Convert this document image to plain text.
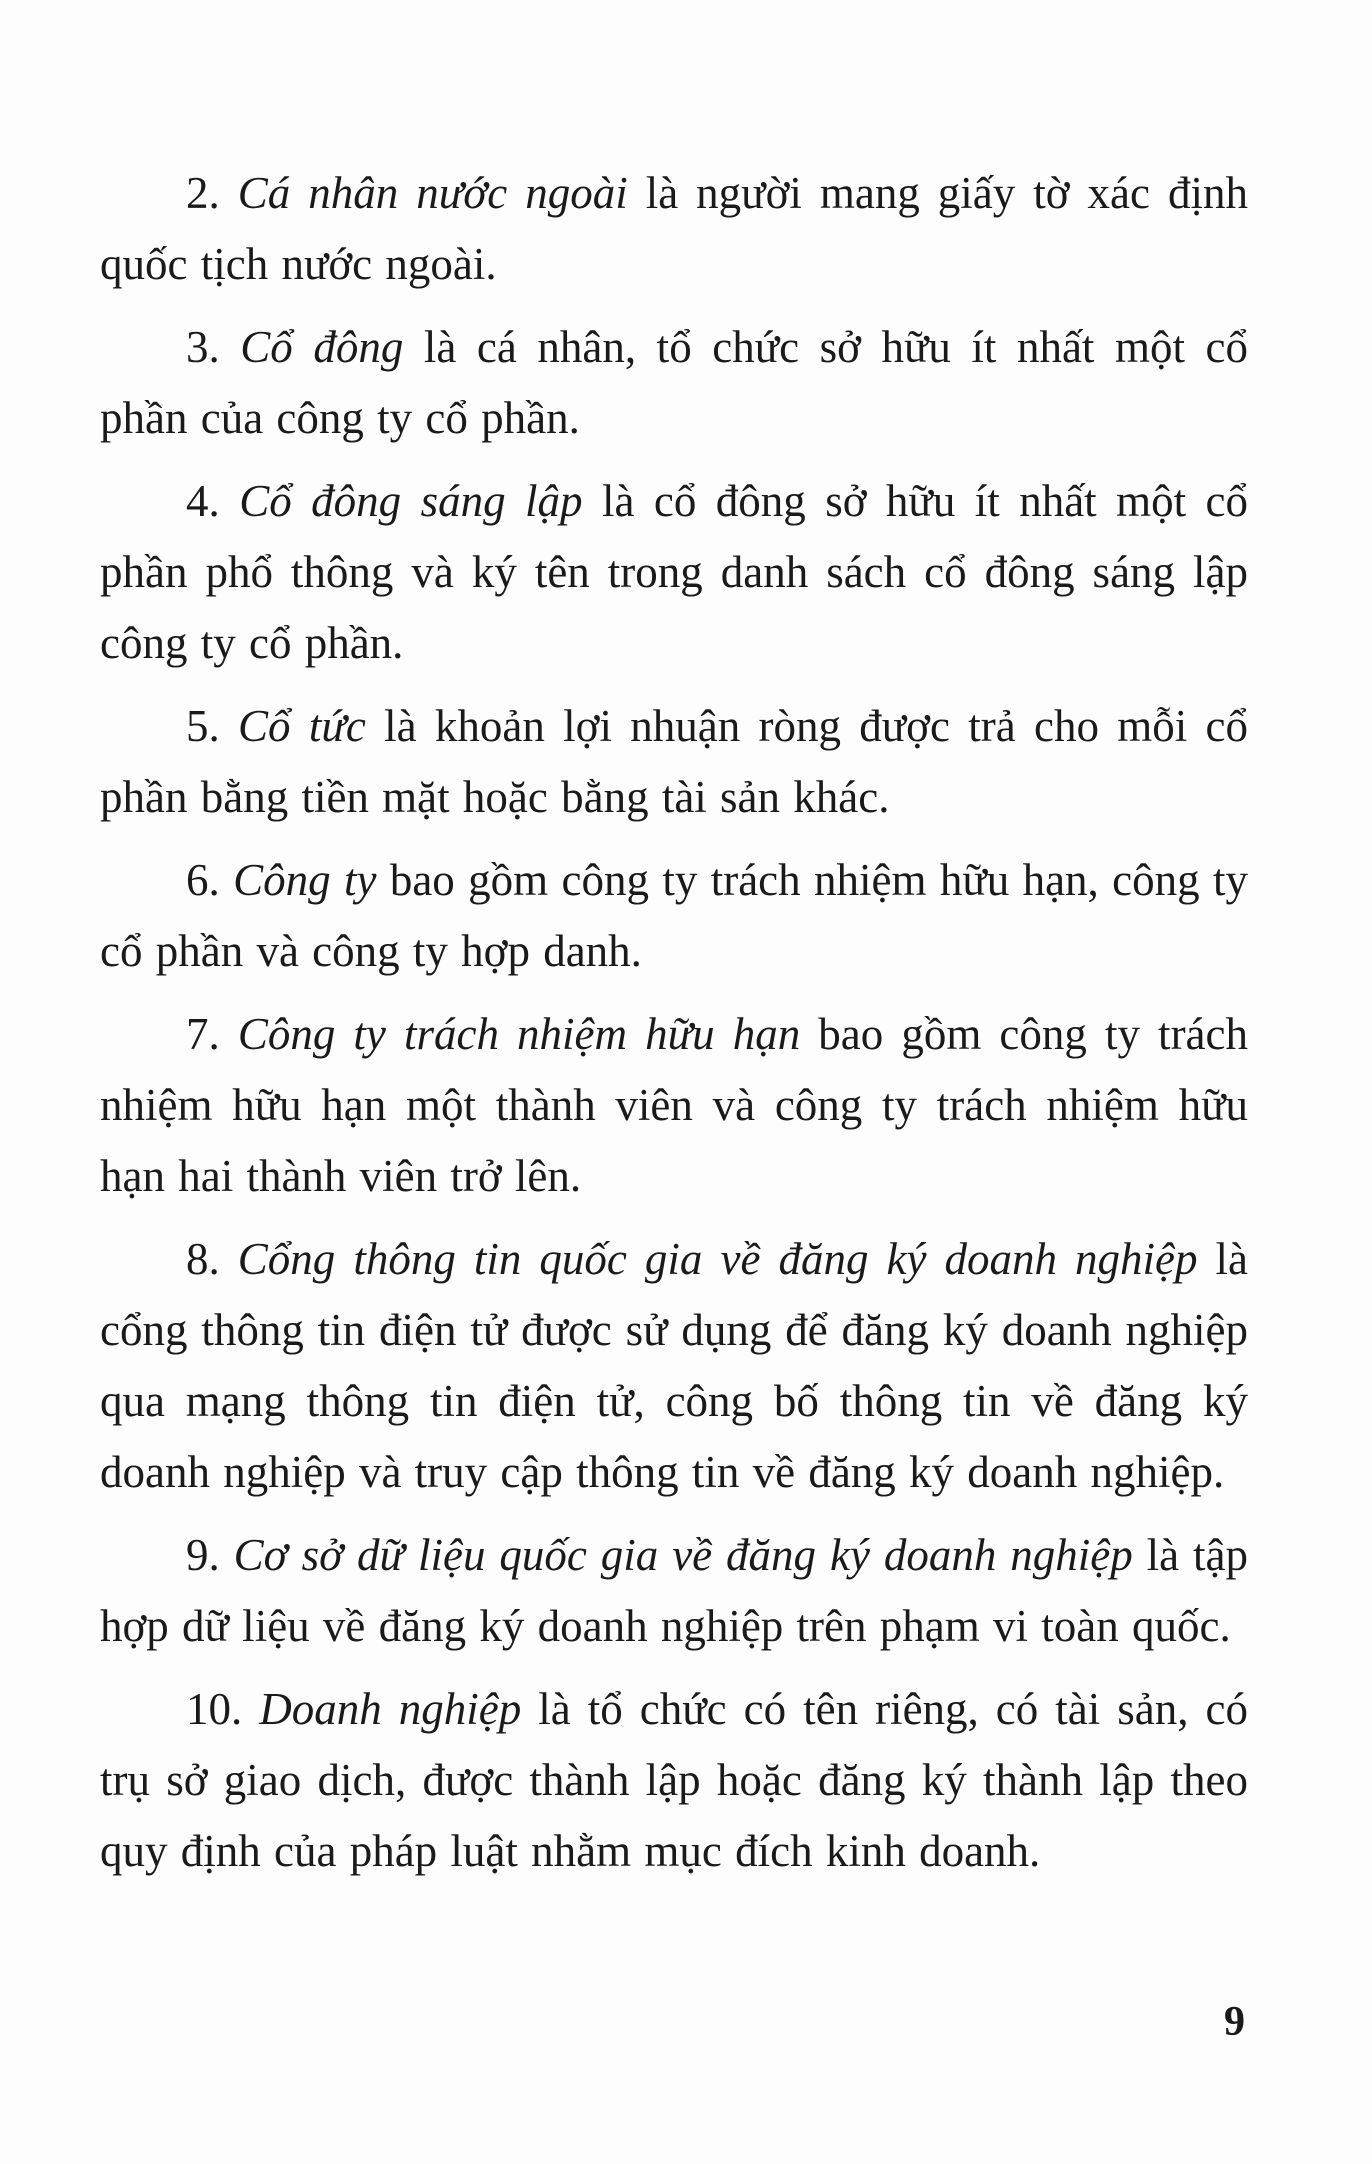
2. Cá nhân nước ngoài là người mang giấy tờ xác định quốc tịch nước ngoài.

3. Cổ đông là cá nhân, tổ chức sở hữu ít nhất một cổ phần của công ty cổ phần.

4. Cổ đông sáng lập là cổ đông sở hữu ít nhất một cổ phần phổ thông và ký tên trong danh sách cổ đông sáng lập công ty cổ phần.

5. Cổ tức là khoản lợi nhuận ròng được trả cho mỗi cổ phần bằng tiền mặt hoặc bằng tài sản khác.

6. Công ty bao gồm công ty trách nhiệm hữu hạn, công ty cổ phần và công ty hợp danh.

7. Công ty trách nhiệm hữu hạn bao gồm công ty trách nhiệm hữu hạn một thành viên và công ty trách nhiệm hữu hạn hai thành viên trở lên.

8. Cổng thông tin quốc gia về đăng ký doanh nghiệp là cổng thông tin điện tử được sử dụng để đăng ký doanh nghiệp qua mạng thông tin điện tử, công bố thông tin về đăng ký doanh nghiệp và truy cập thông tin về đăng ký doanh nghiệp.

9. Cơ sở dữ liệu quốc gia về đăng ký doanh nghiệp là tập hợp dữ liệu về đăng ký doanh nghiệp trên phạm vi toàn quốc.

10. Doanh nghiệp là tổ chức có tên riêng, có tài sản, có trụ sở giao dịch, được thành lập hoặc đăng ký thành lập theo quy định của pháp luật nhằm mục đích kinh doanh.

9
